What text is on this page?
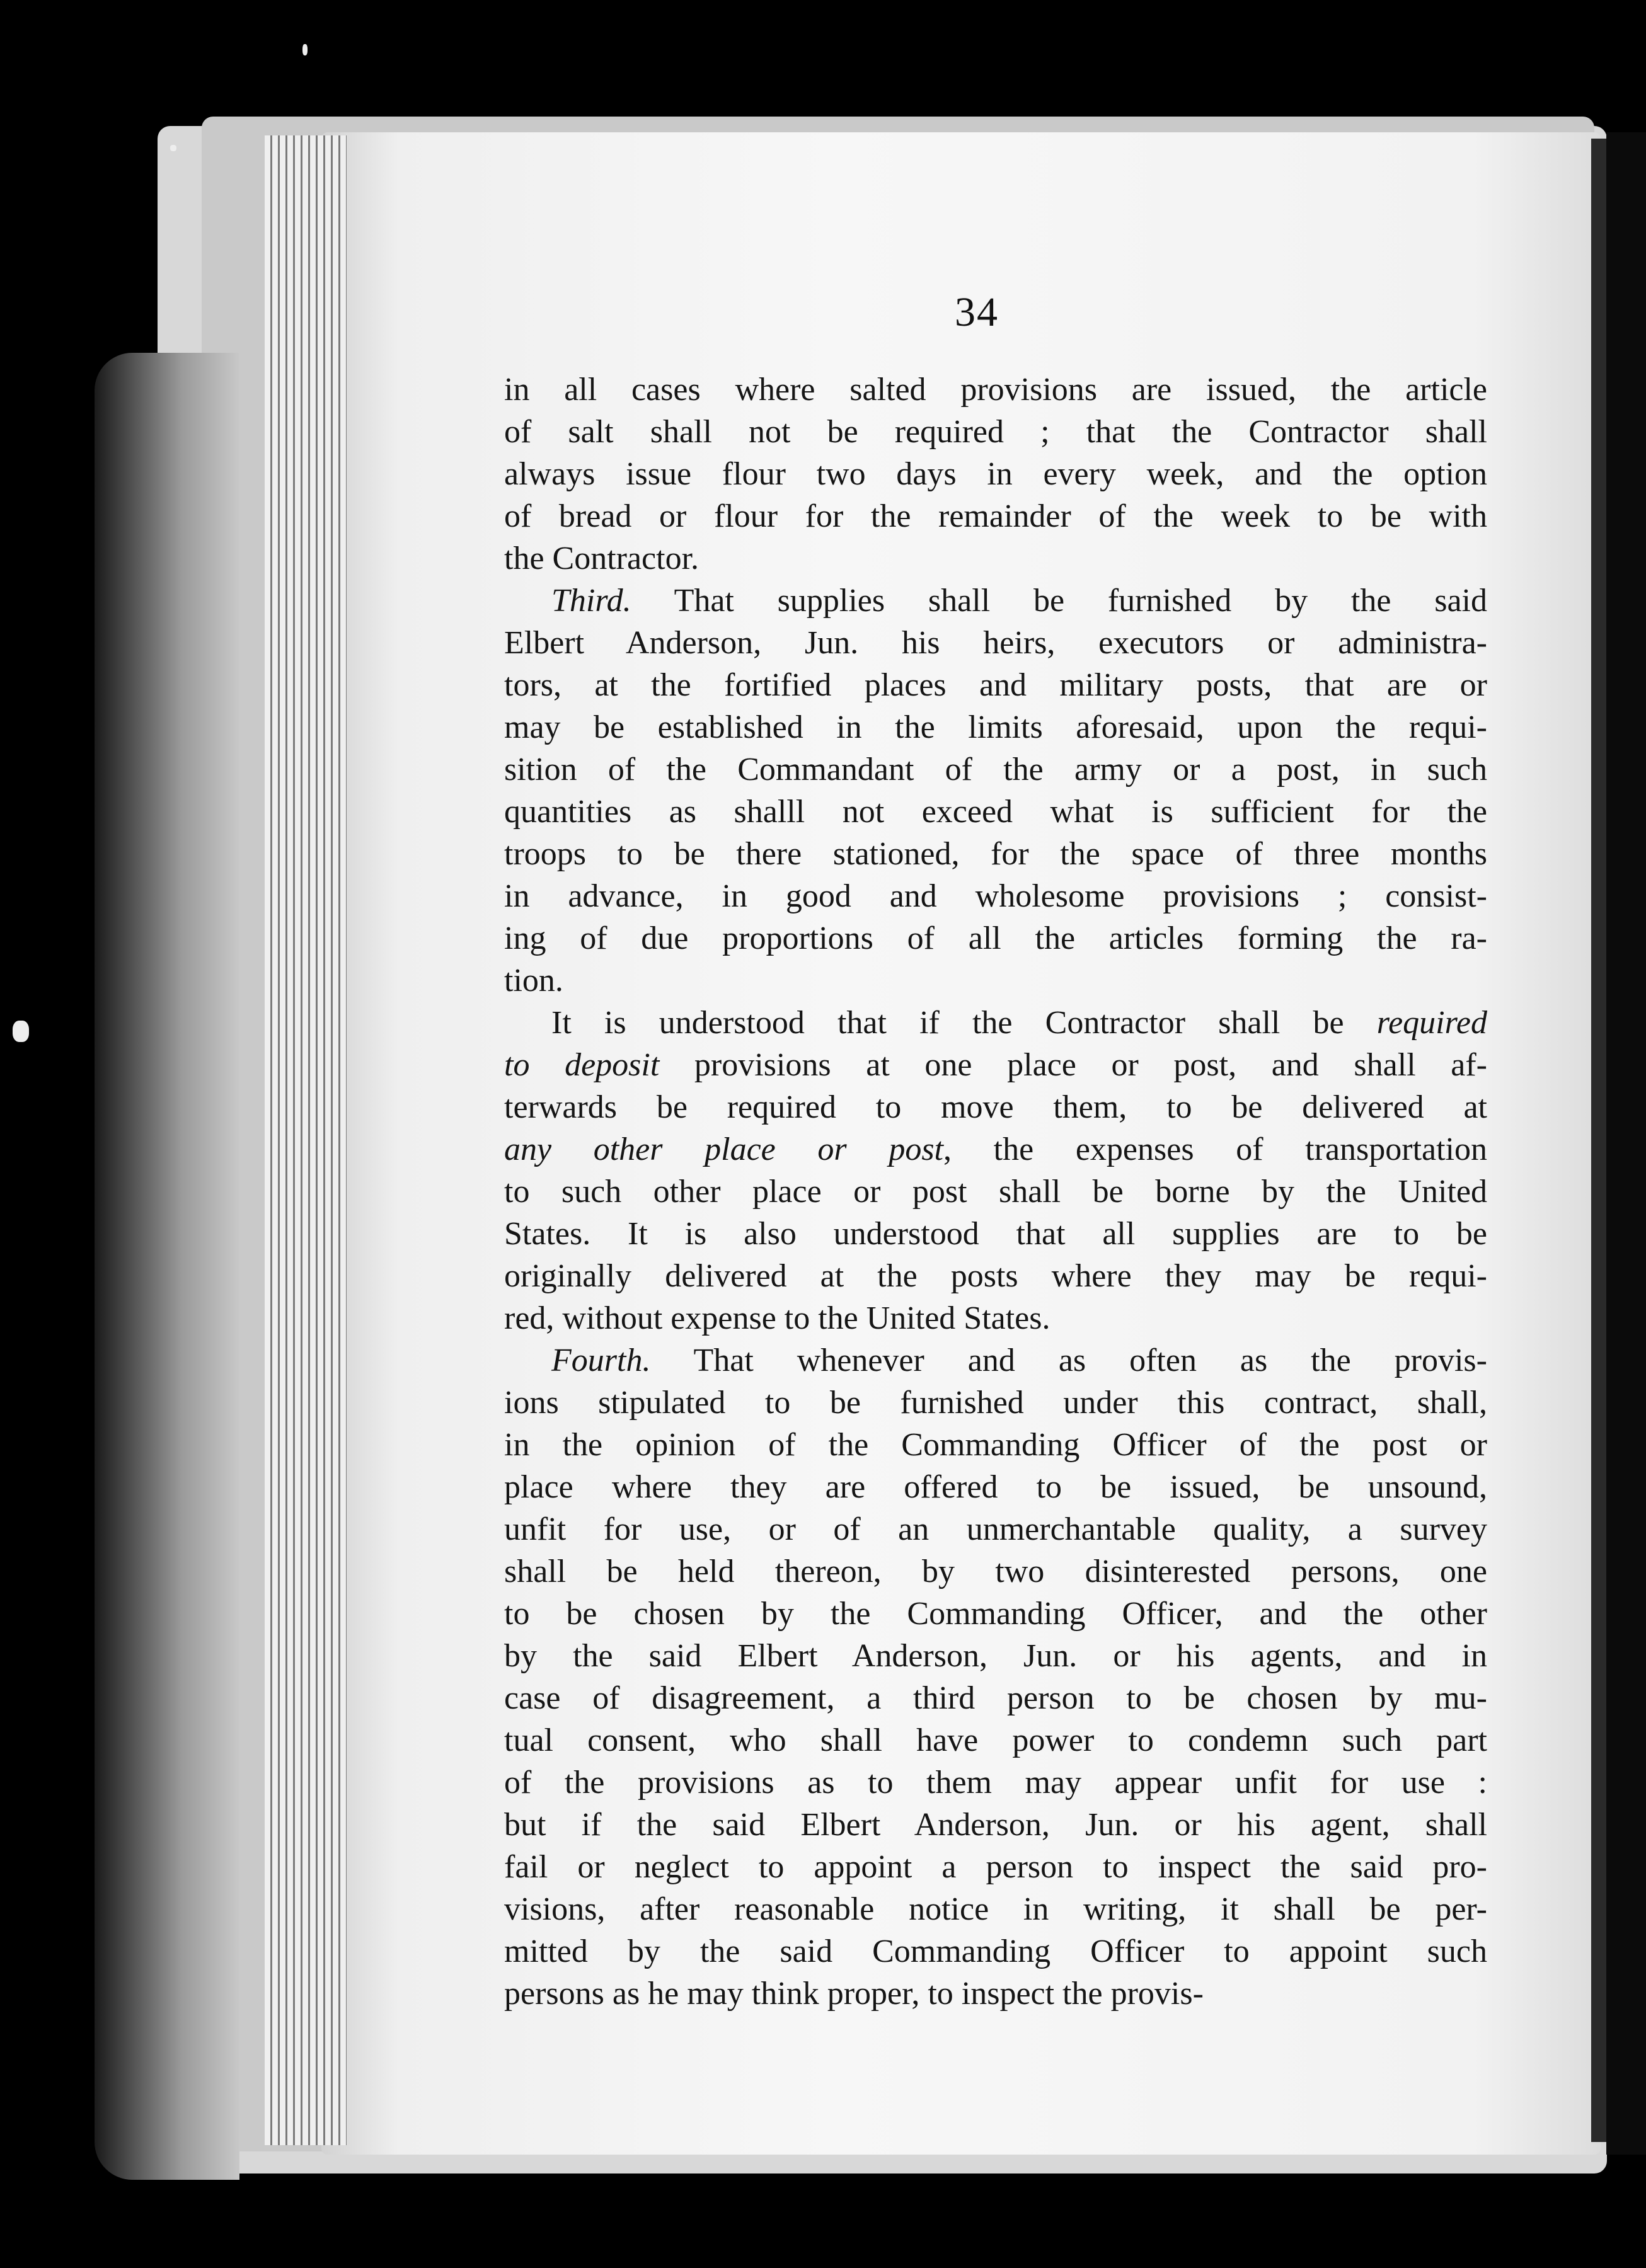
34
in all cases where salted provisions are issued, the article
of salt shall not be required ; that the Contractor shall
always issue flour two days in every week, and the option
of bread or flour for the remainder of the week to be with
the Contractor.
Third. That supplies shall be furnished by the said
Elbert Anderson, Jun. his heirs, executors or administra-
tors, at the fortified places and military posts, that are or
may be established in the limits aforesaid, upon the requi-
sition of the Commandant of the army or a post, in such
quantities as shalll not exceed what is sufficient for the
troops to be there stationed, for the space of three months
in advance, in good and wholesome provisions ; consist-
ing of due proportions of all the articles forming the ra-
tion.
It is understood that if the Contractor shall be required
to deposit provisions at one place or post, and shall af-
terwards be required to move them, to be delivered at
any other place or post, the expenses of transportation
to such other place or post shall be borne by the United
States. It is also understood that all supplies are to be
originally delivered at the posts where they may be requi-
red, without expense to the United States.
Fourth. That whenever and as often as the provis-
ions stipulated to be furnished under this contract, shall,
in the opinion of the Commanding Officer of the post or
place where they are offered to be issued, be unsound,
unfit for use, or of an unmerchantable quality, a survey
shall be held thereon, by two disinterested persons, one
to be chosen by the Commanding Officer, and the other
by the said Elbert Anderson, Jun. or his agents, and in
case of disagreement, a third person to be chosen by mu-
tual consent, who shall have power to condemn such part
of the provisions as to them may appear unfit for use :
but if the said Elbert Anderson, Jun. or his agent, shall
fail or neglect to appoint a person to inspect the said pro-
visions, after reasonable notice in writing, it shall be per-
mitted by the said Commanding Officer to appoint such
persons as he may think proper, to inspect the provis-
